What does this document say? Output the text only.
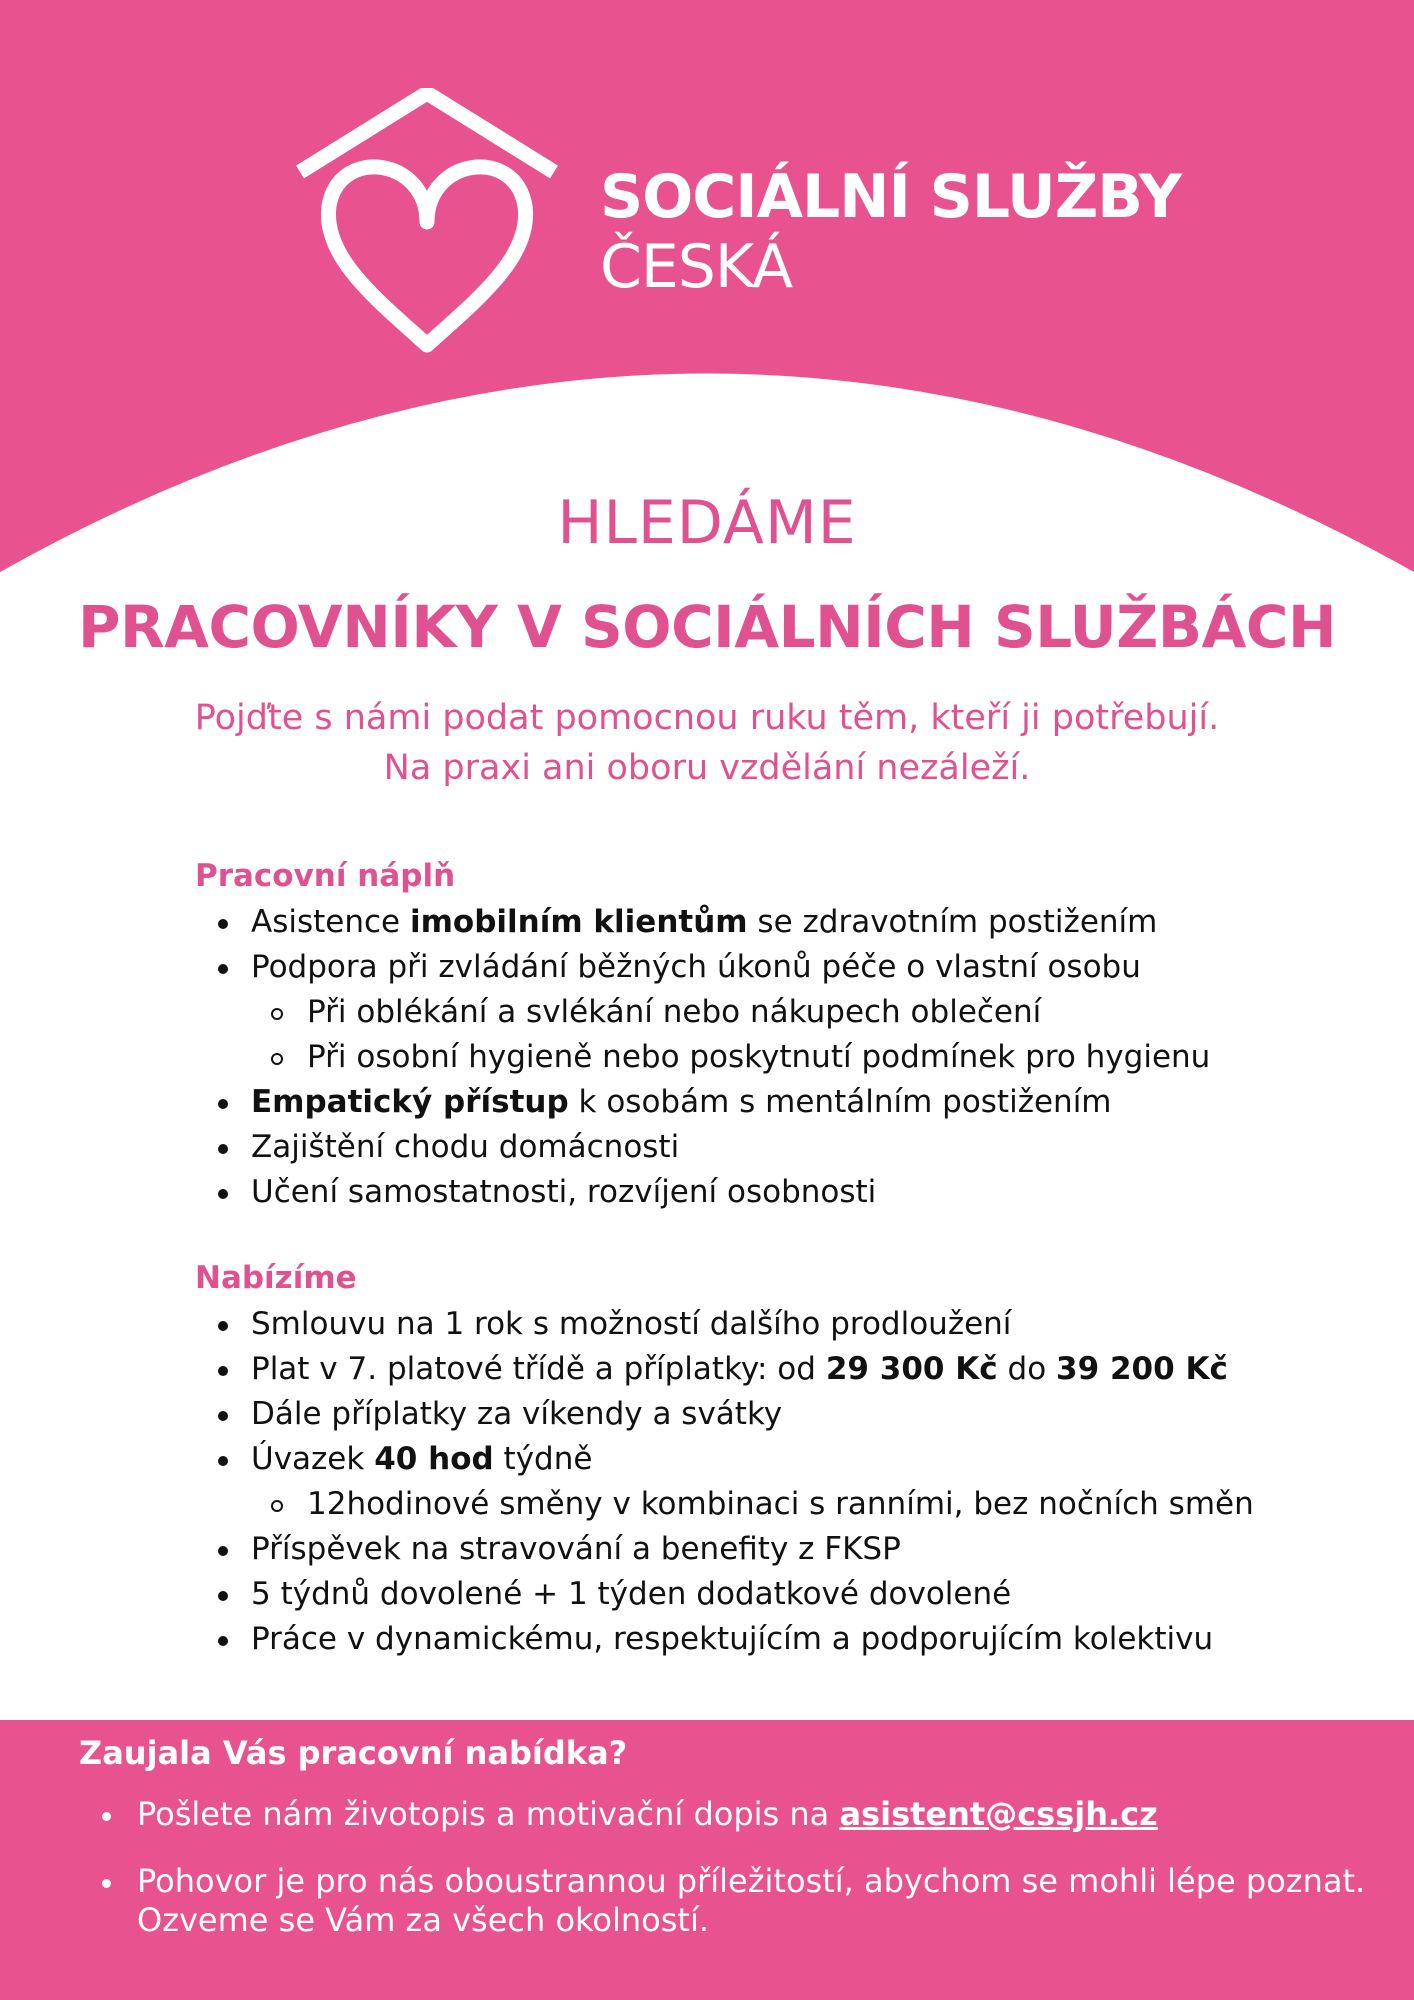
SOCIÁLNÍ SLUŽBY
ČESKÁ
HLEDÁME
PRACOVNÍKY V SOCIÁLNÍCH SLUŽBÁCH
Pojďte s námi podat pomocnou ruku těm, kteří ji potřebují.
Na praxi ani oboru vzdělání nezáleží.
Pracovní náplň
Asistence imobilním klientům se zdravotním postižením
Podpora při zvládání běžných úkonů péče o vlastní osobu
Při oblékání a svlékání nebo nákupech oblečení
Při osobní hygieně nebo poskytnutí podmínek pro hygienu
Empatický přístup k osobám s mentálním postižením
Zajištění chodu domácnosti
Učení samostatnosti, rozvíjení osobnosti
Nabízíme
Smlouvu na 1 rok s možností dalšího prodloužení
Plat v 7. platové třídě a příplatky: od 29 300 Kč do 39 200 Kč
Dále příplatky za víkendy a svátky
Úvazek 40 hod týdně
12hodinové směny v kombinaci s ranními, bez nočních směn
Příspěvek na stravování a benefity z FKSP
5 týdnů dovolené + 1 týden dodatkové dovolené
Práce v dynamickému, respektujícím a podporujícím kolektivu
Zaujala Vás pracovní nabídka?
Pošlete nám životopis a motivační dopis na asistent@cssjh.cz
Pohovor je pro nás oboustrannou příležitostí, abychom se mohli lépe poznat.
Ozveme se Vám za všech okolností.
